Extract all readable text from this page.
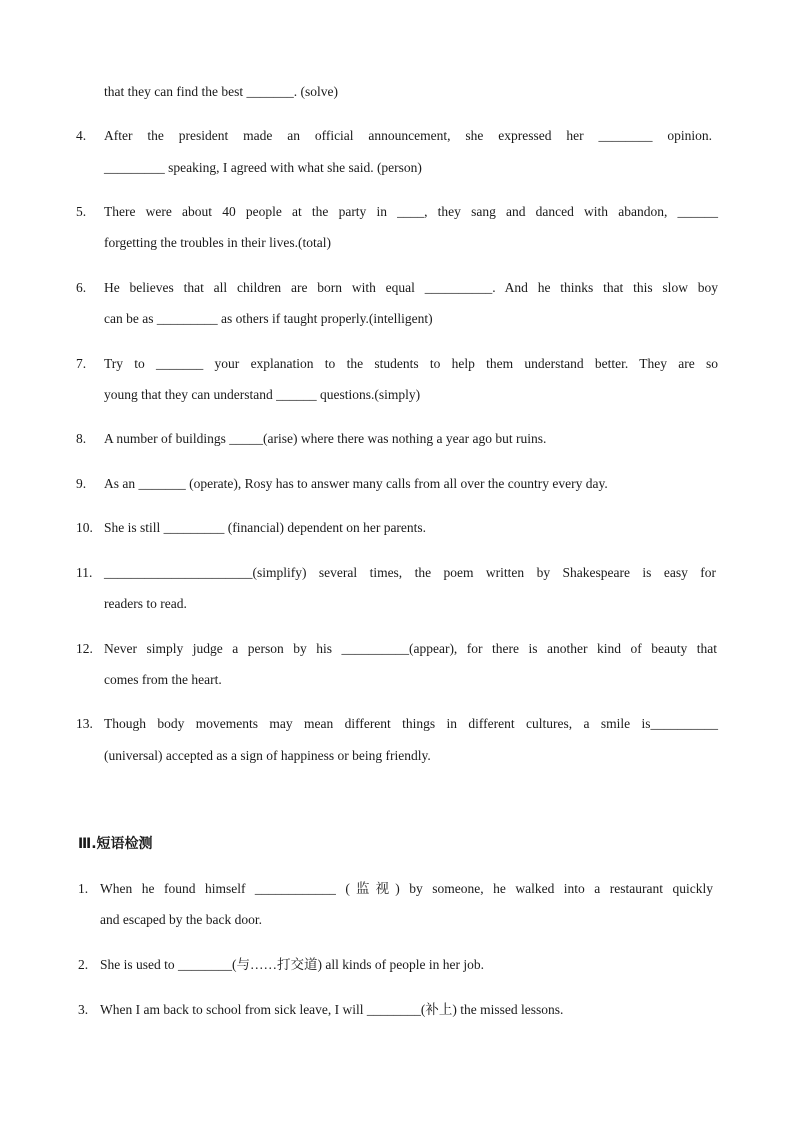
that they can find the best _______. (solve)
4. After the president made an official announcement, she expressed her ________ opinion.
_________ speaking, I agreed with what she said. (person)
5. There were about 40 people at the party in ____, they sang and danced with abandon, ______
forgetting the troubles in their lives.(total)
6. He believes that all children are born with equal __________. And he thinks that this slow boy
can be as _________ as others if taught properly.(intelligent)
7. Try to _______ your explanation to the students to help them understand better. They are so
young that they can understand ______ questions.(simply)
8. A number of buildings _____(arise) where there was nothing a year ago but ruins.
9. As an _______ (operate), Rosy has to answer many calls from all over the country every day.
10. She is still _________ (financial) dependent on her parents.
11. ______________________(simplify) several times, the poem written by Shakespeare is easy for
readers to read.
12. Never simply judge a person by his __________(appear), for there is another kind of beauty that
comes from the heart.
13. Though body movements may mean different things in different cultures, a smile is__________
(universal) accepted as a sign of happiness or being friendly.
Ⅲ.短语检测
1. When he found himself ____________ (监视) by someone, he walked into a restaurant quickly
and escaped by the back door.
2. She is used to ________(与……打交道) all kinds of people in her job.
3. When I am back to school from sick leave, I will ________(补上) the missed lessons.
